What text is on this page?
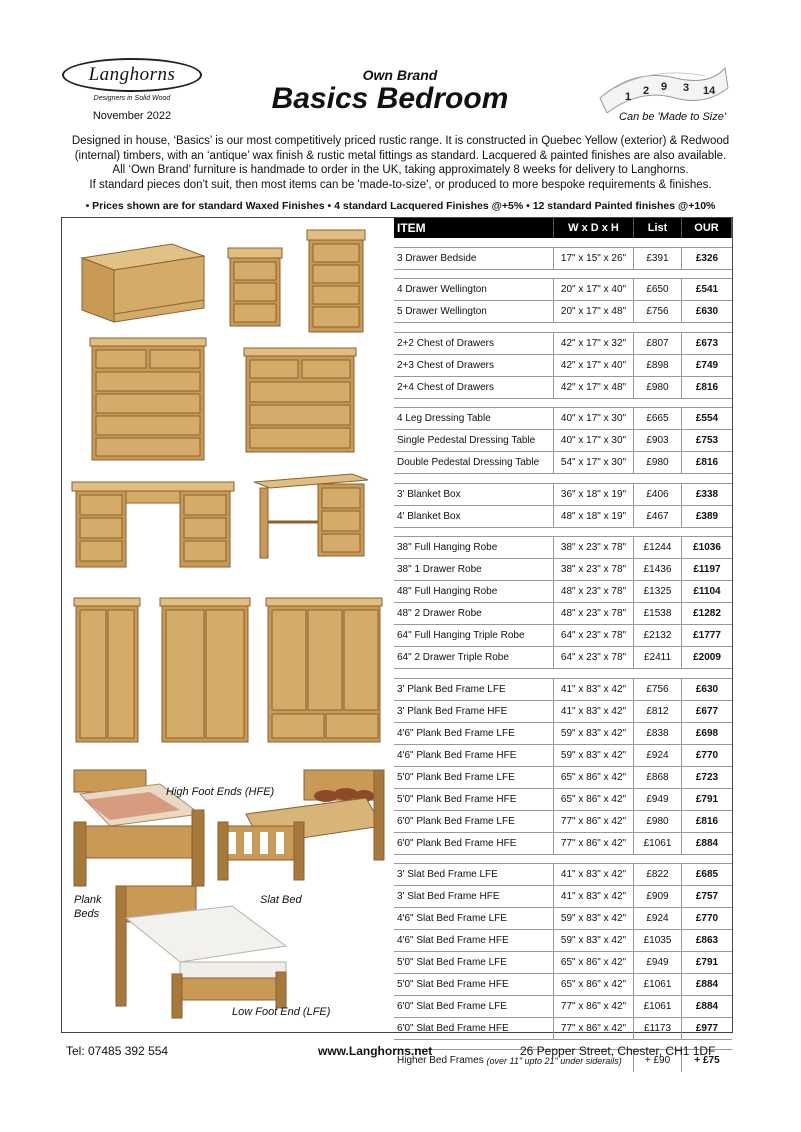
Langhorns
Designers in Solid Wood
November 2022
Own Brand
Basics Bedroom	1 2 9 3 14
Can be 'Made to Size'
Designed in house, ‘Basics’ is our most competitively priced rustic range. It is constructed in Quebec Yellow (exterior) & Redwood
(internal) timbers, with an ‘antique’ wax finish & rustic metal fittings as standard. Lacquered & painted finishes are also available.
All ‘Own Brand’ furniture is handmade to order in the UK, taking approximately 8 weeks for delivery to Langhorns.
If standard pieces don't suit, then most items can be 'made-to-size', or produced to more bespoke requirements & finishes.
• Prices shown are for standard Waxed Finishes • 4 standard Lacquered Finishes @+5% • 12 standard Painted finishes @+10%
High Foot Ends (HFE)
Plank
Beds
Slat Bed
Low Foot End (LFE)
ITEM	W x D x H	List	OUR
3 Drawer Bedside	17" x 15" x 26"	£391	£326
4 Drawer Wellington	20" x 17" x 40"	£650	£541
5 Drawer Wellington	20" x 17" x 48"	£756	£630
2+2 Chest of Drawers	42" x 17" x 32"	£807	£673
2+3 Chest of Drawers	42" x 17" x 40"	£898	£749
2+4 Chest of Drawers	42" x 17" x 48"	£980	£816
4 Leg Dressing Table	40" x 17" x 30"	£665	£554
Single Pedestal Dressing Table	40" x 17" x 30"	£903	£753
Double Pedestal Dressing Table	54" x 17" x 30"	£980	£816
3' Blanket Box	36" x 18" x 19"	£406	£338
4' Blanket Box	48" x 18" x 19"	£467	£389
38" Full Hanging Robe	38" x 23" x 78"	£1244	£1036
38" 1 Drawer Robe	38" x 23" x 78"	£1436	£1197
48" Full Hanging Robe	48" x 23" x 78"	£1325	£1104
48" 2 Drawer Robe	48" x 23" x 78"	£1538	£1282
64" Full Hanging Triple Robe	64" x 23" x 78"	£2132	£1777
64" 2 Drawer Triple Robe	64" x 23" x 78"	£2411	£2009
3' Plank Bed Frame LFE	41" x 83" x 42"	£756	£630
3' Plank Bed Frame HFE	41" x 83" x 42"	£812	£677
4'6" Plank Bed Frame LFE	59" x 83" x 42"	£838	£698
4'6" Plank Bed Frame HFE	59" x 83" x 42"	£924	£770
5'0" Plank Bed Frame LFE	65" x 86" x 42"	£868	£723
5'0" Plank Bed Frame HFE	65" x 86" x 42"	£949	£791
6'0" Plank Bed Frame LFE	77" x 86" x 42"	£980	£816
6'0" Plank Bed Frame HFE	77" x 86" x 42"	£1061	£884
3' Slat Bed Frame LFE	41" x 83" x 42"	£822	£685
3' Slat Bed Frame HFE	41" x 83" x 42"	£909	£757
4'6" Slat Bed Frame LFE	59" x 83" x 42"	£924	£770
4'6" Slat Bed Frame HFE	59" x 83" x 42"	£1035	£863
5'0" Slat Bed Frame LFE	65" x 86" x 42"	£949	£791
5'0" Slat Bed Frame HFE	65" x 86" x 42"	£1061	£884
6'0" Slat Bed Frame LFE	77" x 86" x 42"	£1061	£884
6'0" Slat Bed Frame HFE	77" x 86" x 42"	£1173	£977
Higher Bed Frames
(over 11" upto 21" under siderails)	+ £90	+ £75
Tel: 07485 392 554	www.Langhorns.net	26 Pepper Street, Chester, CH1 1DF
